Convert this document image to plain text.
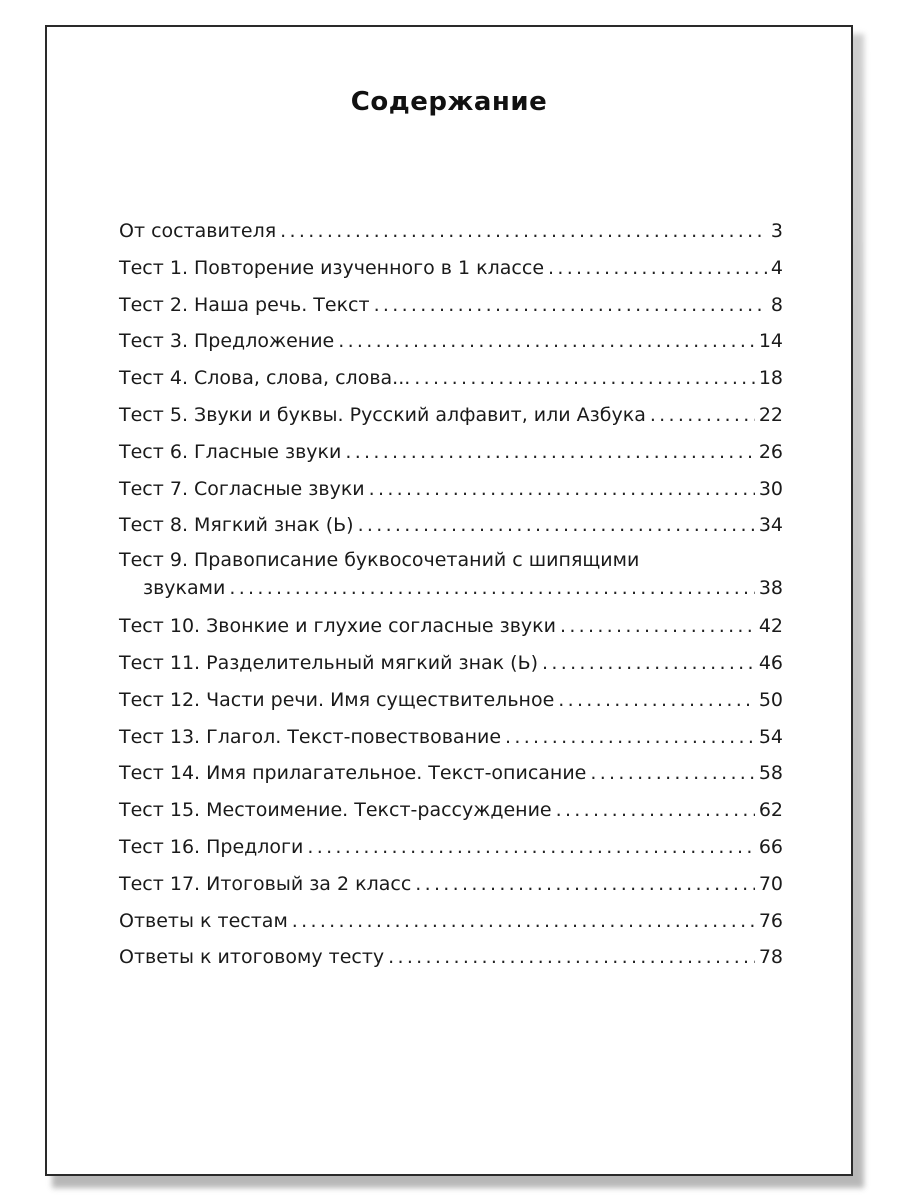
Содержание
От составителя .....	3
Тест 1. Повторение изученного в 1 классе .....	4
Тест 2. Наша речь. Текст .....	8
Тест 3. Предложение .....	14
Тест 4. Слова, слова, слова... .....	18
Тест 5. Звуки и буквы. Русский алфавит, или Азбука .....	22
Тест 6. Гласные звуки .....	26
Тест 7. Согласные звуки .....	30
Тест 8. Мягкий знак (Ь) .....	34
Тест 9. Правописание буквосочетаний с шипящими
звуками .....	38
Тест 10. Звонкие и глухие согласные звуки .....	42
Тест 11. Разделительный мягкий знак (Ь) .....	46
Тест 12. Части речи. Имя существительное .....	50
Тест 13. Глагол. Текст-повествование .....	54
Тест 14. Имя прилагательное. Текст-описание .....	58
Тест 15. Местоимение. Текст-рассуждение .....	62
Тест 16. Предлоги .....	66
Тест 17. Итоговый за 2 класс .....	70
Ответы к тестам .....	76
Ответы к итоговому тесту .....	78
